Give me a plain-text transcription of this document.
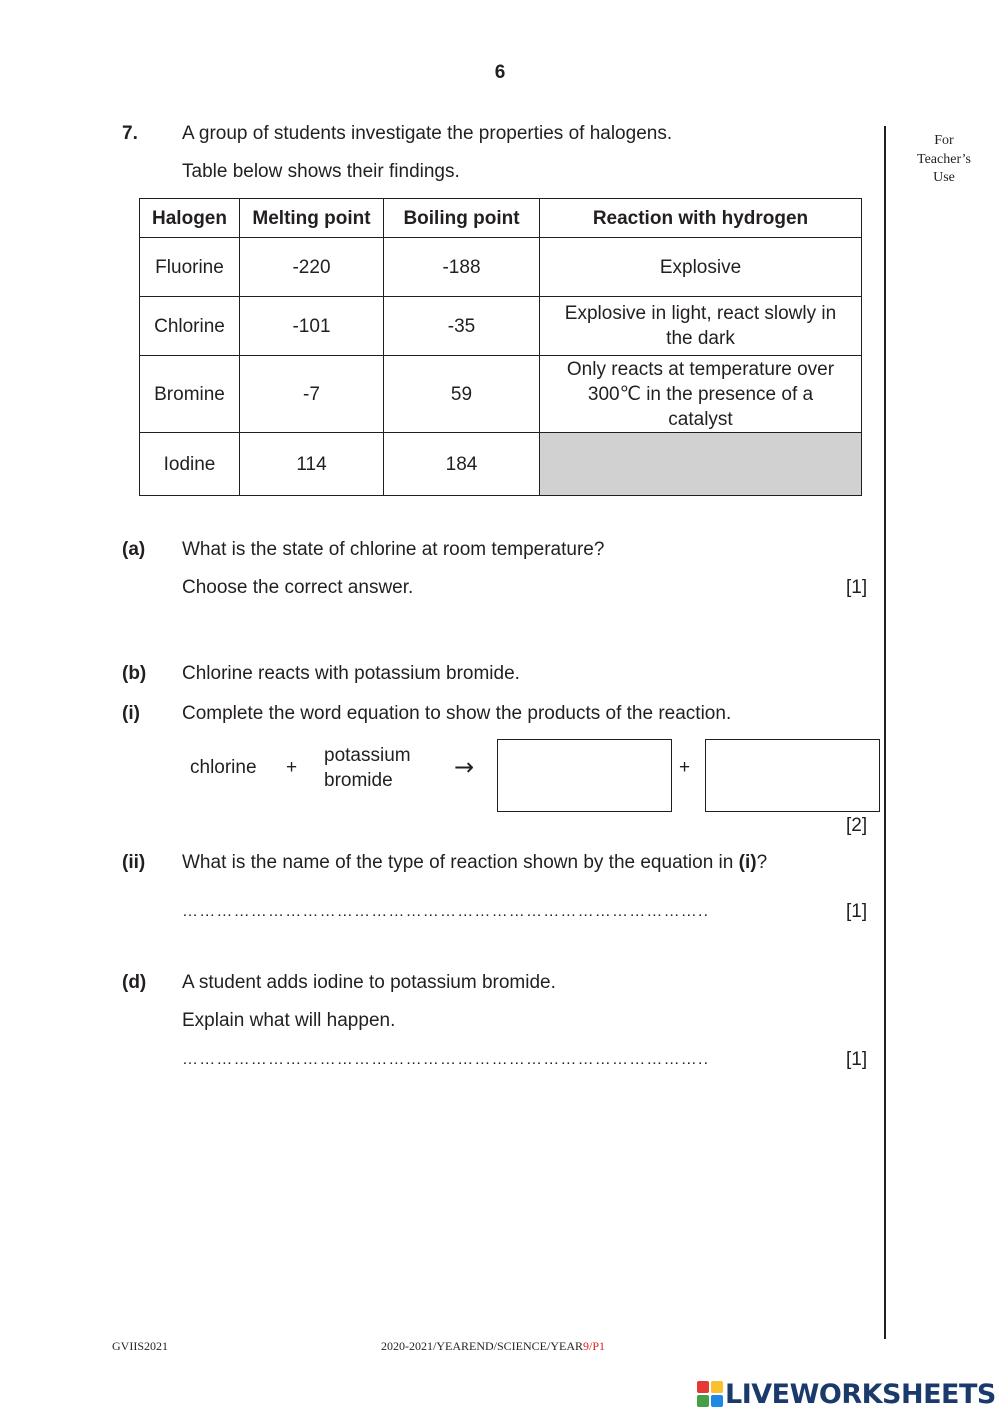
6
For
Teacher’s
Use
7. A group of students investigate the properties of halogens.
Table below shows their findings.
Halogen	Melting point	Boiling point	Reaction with hydrogen
Fluorine	-220	-188	Explosive

Chlorine	-101	-35	Explosive in light, react slowly in
the dark

Bromine	-7	59	Only reacts at temperature over
300℃ in the presence of a
catalyst

Iodine	114	184	
(a) What is the state of chlorine at room temperature?
Choose the correct answer.	[1]
(b) Chlorine reacts with potassium bromide.
(i) Complete the word equation to show the products of the reaction.
chlorine +
potassium
bromide	→	+
[2]
(ii) What is the name of the type of reaction shown by the equation in (i)?
………………………………………………………………………………..	[1]
(d) A student adds iodine to potassium bromide.
Explain what will happen.
………………………………………………………………………………..	[1]
GVIIS2021	2020-2021/YEAREND/SCIENCE/YEAR9/P1
LIVEWORKSHEETS
